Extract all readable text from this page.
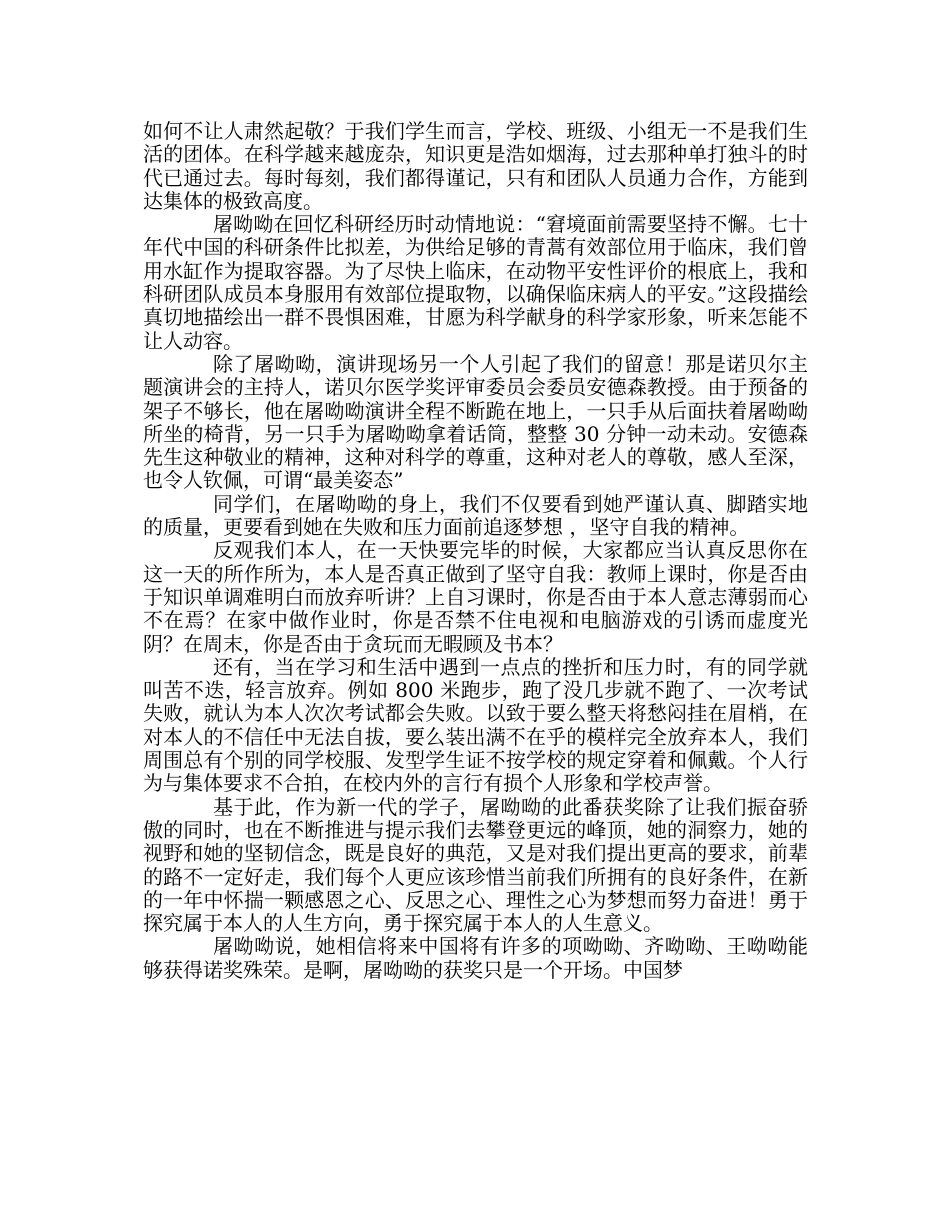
如何不让人肃然起敬？于我们学生而言，学校、班级、小组无一不是我们生活的团体。在科学越来越庞杂，知识更是浩如烟海，过去那种单打独斗的时代已通过去。每时每刻，我们都得谨记，只有和团队人员通力合作，方能到达集体的极致高度。

屠呦呦在回忆科研经历时动情地说：“窘境面前需要坚持不懈。七十年代中国的科研条件比拟差，为供给足够的青蒿有效部位用于临床，我们曾用水缸作为提取容器。为了尽快上临床，在动物平安性评价的根底上，我和科研团队成员本身服用有效部位提取物，以确保临床病人的平安。”这段描绘真切地描绘出一群不畏惧困难，甘愿为科学献身的科学家形象，听来怎能不让人动容。

除了屠呦呦，演讲现场另一个人引起了我们的留意！那是诺贝尔主题演讲会的主持人，诺贝尔医学奖评审委员会委员安德森教授。由于预备的架子不够长，他在屠呦呦演讲全程不断跪在地上，一只手从后面扶着屠呦呦所坐的椅背，另一只手为屠呦呦拿着话筒，整整 30 分钟一动未动。安德森先生这种敬业的精神，这种对科学的尊重，这种对老人的尊敬，感人至深，也令人钦佩，可谓“最美姿态”

同学们，在屠呦呦的身上，我们不仅要看到她严谨认真、脚踏实地的质量，更要看到她在失败和压力面前追逐梦想 ，坚守自我的精神。

反观我们本人，在一天快要完毕的时候，大家都应当认真反思你在这一天的所作所为，本人是否真正做到了坚守自我：教师上课时，你是否由于知识单调难明白而放弃听讲？上自习课时，你是否由于本人意志薄弱而心不在焉？在家中做作业时，你是否禁不住电视和电脑游戏的引诱而虚度光阴？在周末，你是否由于贪玩而无暇顾及书本？

还有，当在学习和生活中遇到一点点的挫折和压力时，有的同学就叫苦不迭，轻言放弃。例如 800 米跑步，跑了没几步就不跑了、一次考试失败，就认为本人次次考试都会失败。以致于要么整天将愁闷挂在眉梢，在对本人的不信任中无法自拔，要么装出满不在乎的模样完全放弃本人，我们周围总有个别的同学校服、发型学生证不按学校的规定穿着和佩戴。个人行为与集体要求不合拍，在校内外的言行有损个人形象和学校声誉。

基于此，作为新一代的学子，屠呦呦的此番获奖除了让我们振奋骄傲的同时，也在不断推进与提示我们去攀登更远的峰顶，她的洞察力，她的视野和她的坚韧信念，既是良好的典范，又是对我们提出更高的要求，前辈的路不一定好走，我们每个人更应该珍惜当前我们所拥有的良好条件，在新的一年中怀揣一颗感恩之心、反思之心、理性之心为梦想而努力奋进！勇于探究属于本人的人生方向，勇于探究属于本人的人生意义。

屠呦呦说，她相信将来中国将有许多的项呦呦、齐呦呦、王呦呦能够获得诺奖殊荣。是啊，屠呦呦的获奖只是一个开场。中国梦
